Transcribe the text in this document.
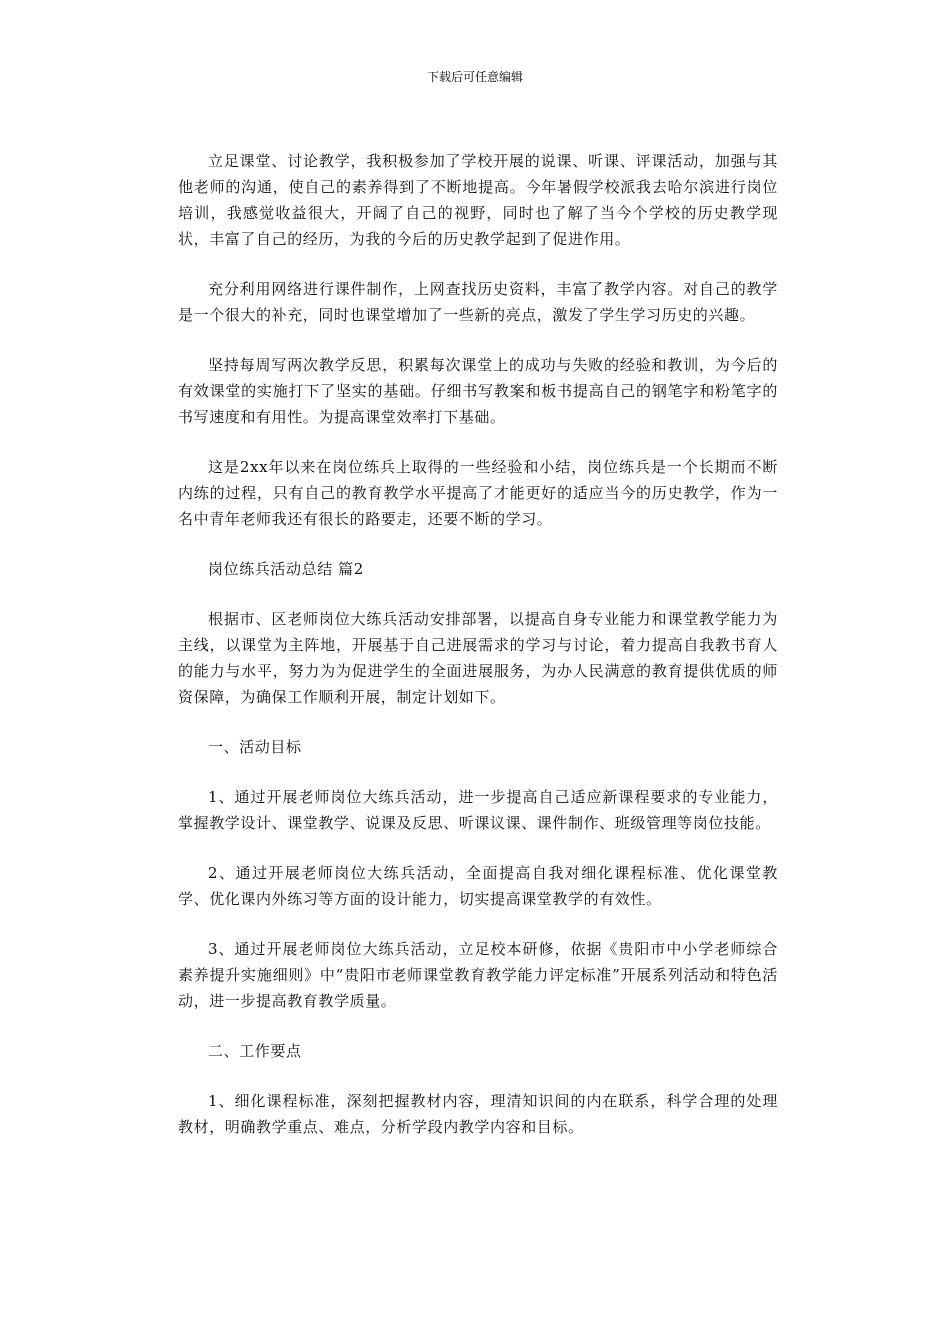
下载后可任意编辑

立足课堂、讨论教学，我积极参加了学校开展的说课、听课、评课活动，加强与其他老师的沟通，使自己的素养得到了不断地提高。今年暑假学校派我去哈尔滨进行岗位培训，我感觉收益很大，开阔了自己的视野，同时也了解了当今个学校的历史教学现状，丰富了自己的经历，为我的今后的历史教学起到了促进作用。

充分利用网络进行课件制作，上网查找历史资料，丰富了教学内容。对自己的教学是一个很大的补充，同时也课堂增加了一些新的亮点，激发了学生学习历史的兴趣。

坚持每周写两次教学反思，积累每次课堂上的成功与失败的经验和教训，为今后的有效课堂的实施打下了坚实的基础。仔细书写教案和板书提高自己的钢笔字和粉笔字的书写速度和有用性。为提高课堂效率打下基础。

这是2xx年以来在岗位练兵上取得的一些经验和小结，岗位练兵是一个长期而不断内练的过程，只有自己的教育教学水平提高了才能更好的适应当今的历史教学，作为一名中青年老师我还有很长的路要走，还要不断的学习。

岗位练兵活动总结 篇2

根据市、区老师岗位大练兵活动安排部署，以提高自身专业能力和课堂教学能力为主线，以课堂为主阵地，开展基于自己进展需求的学习与讨论，着力提高自我教书育人的能力与水平，努力为为促进学生的全面进展服务，为办人民满意的教育提供优质的师资保障，为确保工作顺利开展，制定计划如下。

一、活动目标

1、通过开展老师岗位大练兵活动，进一步提高自己适应新课程要求的专业能力，掌握教学设计、课堂教学、说课及反思、听课议课、课件制作、班级管理等岗位技能。

2、通过开展老师岗位大练兵活动，全面提高自我对细化课程标准、优化课堂教学、优化课内外练习等方面的设计能力，切实提高课堂教学的有效性。

3、通过开展老师岗位大练兵活动，立足校本研修，依据《贵阳市中小学老师综合素养提升实施细则》中“贵阳市老师课堂教育教学能力评定标准”开展系列活动和特色活动，进一步提高教育教学质量。

二、工作要点

1、细化课程标准，深刻把握教材内容，理清知识间的内在联系，科学合理的处理教材，明确教学重点、难点，分析学段内教学内容和目标。
